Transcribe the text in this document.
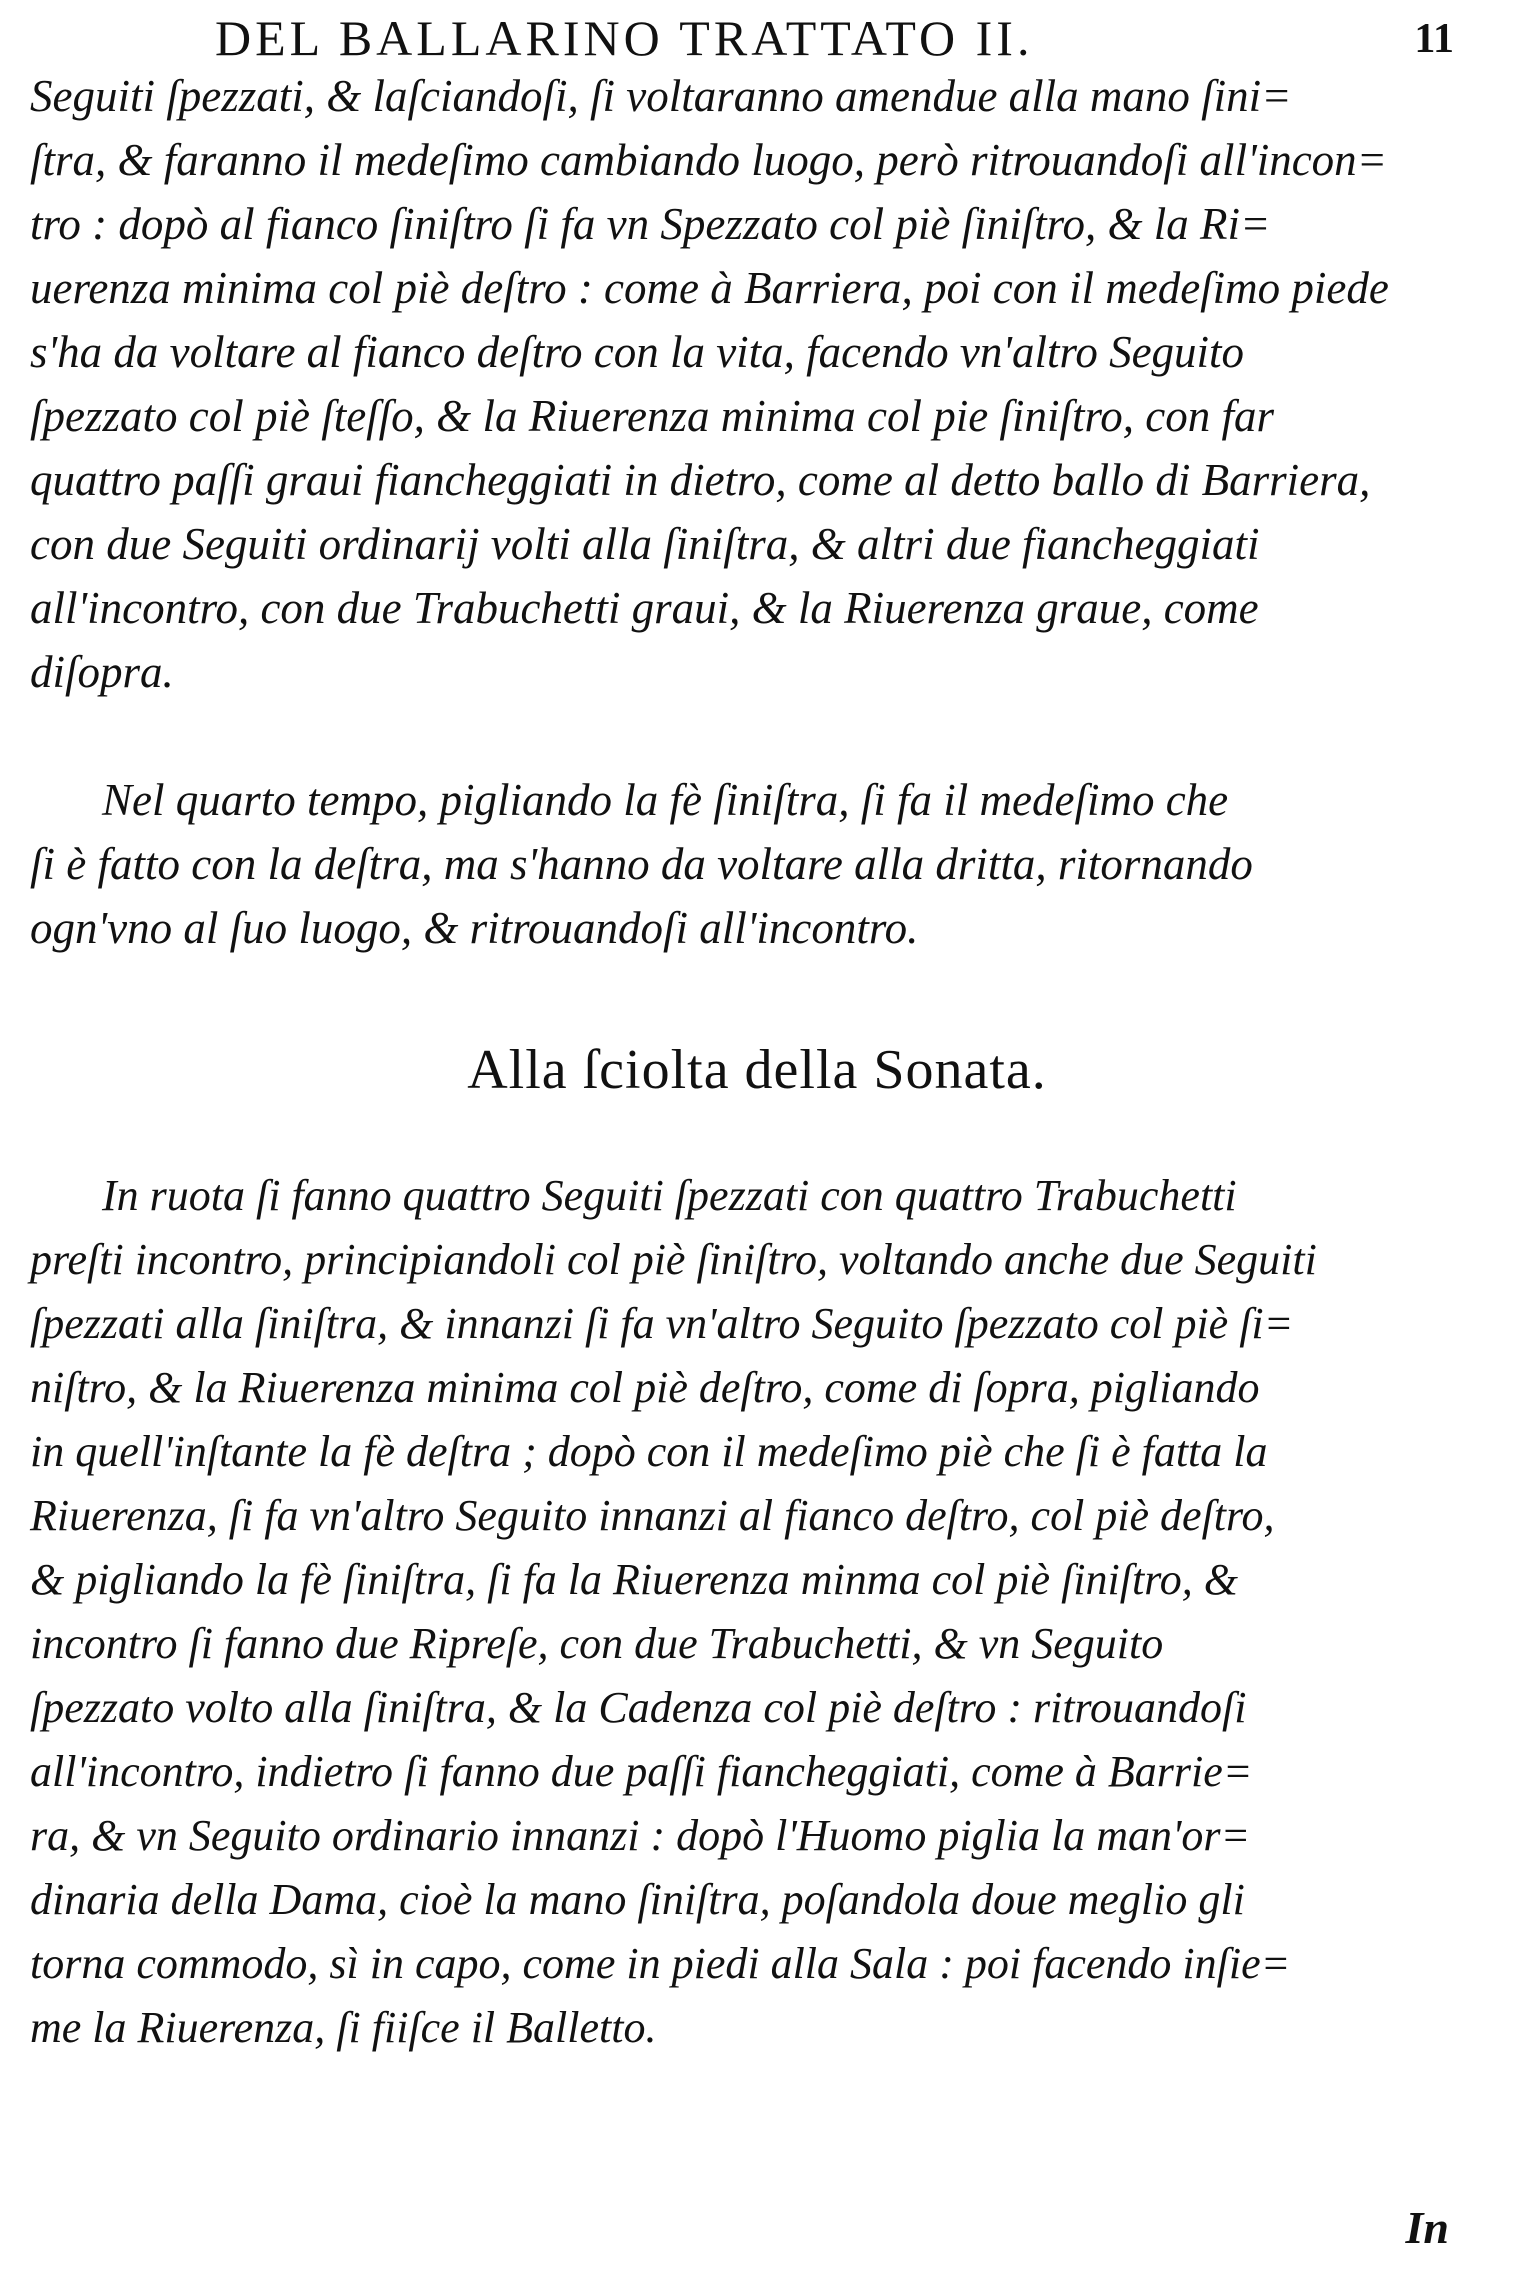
DEL BALLARINO TRATTATO II.	11
Seguiti ſpezzati, & laſciandoſi, ſi voltaranno amendue alla mano ſini=
ſtra, & faranno il medeſimo cambiando luogo, però ritrouandoſi all'incon=
tro : dopò al fianco ſiniſtro ſi fa vn Spezzato col piè ſiniſtro, & la Ri=
uerenza minima col piè deſtro : come à Barriera, poi con il medeſimo piede
s'ha da voltare al fianco deſtro con la vita, facendo vn'altro Seguito
ſpezzato col piè ſteſſo, & la Riuerenza minima col pie ſiniſtro, con far
quattro paſſi graui fiancheggiati in dietro, come al detto ballo di Barriera,
con due Seguiti ordinarij volti alla ſiniſtra, & altri due fiancheggiati
all'incontro, con due Trabuchetti graui, & la Riuerenza graue, come
diſopra.
Nel quarto tempo, pigliando la fè ſiniſtra, ſi fa il medeſimo che
ſi è fatto con la deſtra, ma s'hanno da voltare alla dritta, ritornando
ogn'vno al ſuo luogo, & ritrouandoſi all'incontro.
Alla ſciolta della Sonata.
In ruota ſi fanno quattro Seguiti ſpezzati con quattro Trabuchetti
preſti incontro, principiandoli col piè ſiniſtro, voltando anche due Seguiti
ſpezzati alla ſiniſtra, & innanzi ſi fa vn'altro Seguito ſpezzato col piè ſi=
niſtro, & la Riuerenza minima col piè deſtro, come di ſopra, pigliando
in quell'inſtante la fè deſtra ; dopò con il medeſimo piè che ſi è fatta la
Riuerenza, ſi fa vn'altro Seguito innanzi al fianco deſtro, col piè deſtro,
& pigliando la fè ſiniſtra, ſi fa la Riuerenza minma col piè ſiniſtro, &
incontro ſi fanno due Ripreſe, con due Trabuchetti, & vn Seguito
ſpezzato volto alla ſiniſtra, & la Cadenza col piè deſtro : ritrouandoſi
all'incontro, indietro ſi fanno due paſſi fiancheggiati, come à Barrie=
ra, & vn Seguito ordinario innanzi : dopò l'Huomo piglia la man'or=
dinaria della Dama, cioè la mano ſiniſtra, poſandola doue meglio gli
torna commodo, sì in capo, come in piedi alla Sala : poi facendo inſie=
me la Riuerenza, ſi fiiſce il Balletto.
In
